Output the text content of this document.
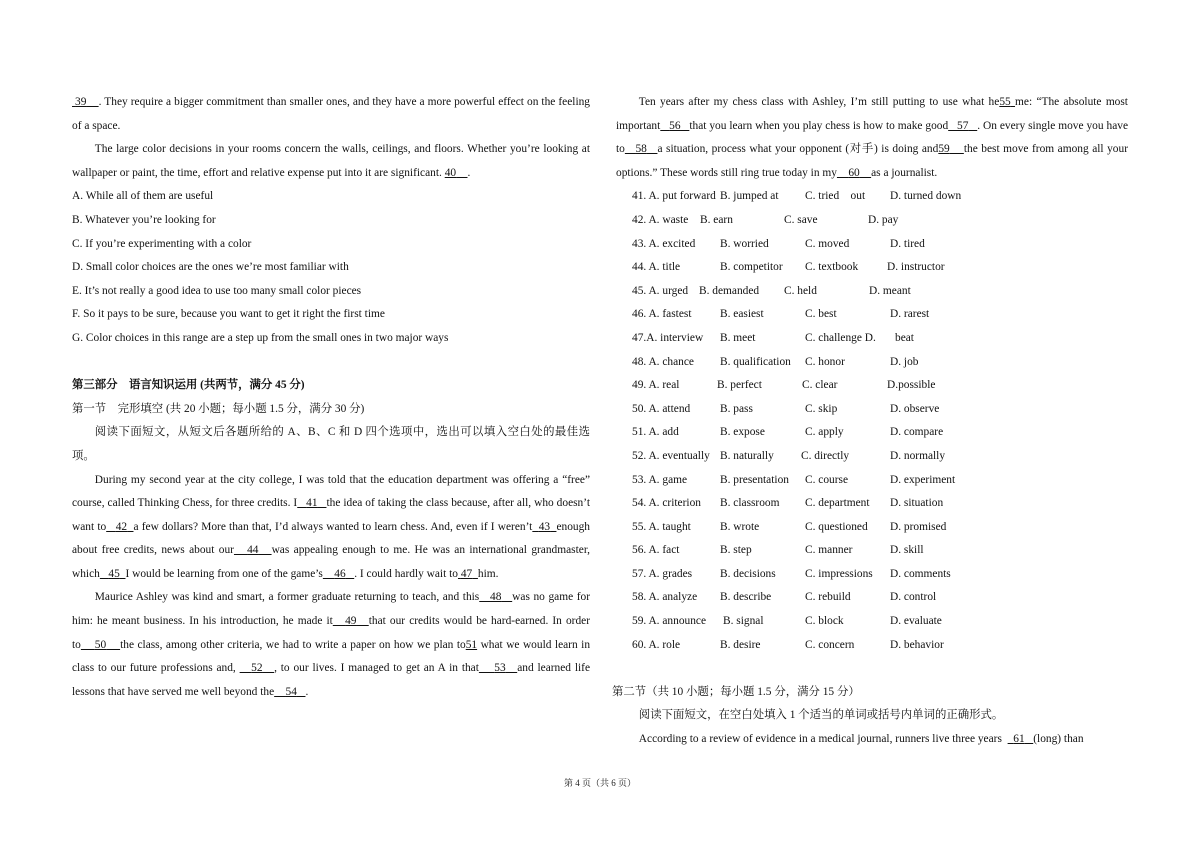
39 . They require a bigger commitment than smaller ones, and they have a more powerful effect on the feeling of a space.

The large color decisions in your rooms concern the walls, ceilings, and floors. Whether you’re looking at wallpaper or paint, the time, effort and relative expense put into it are significant. 40 .

A. While all of them are useful

B. Whatever you’re looking for

C. If you’re experimenting with a color

D. Small color choices are the ones we’re most familiar with

E. It’s not really a good idea to use too many small color pieces

F. So it pays to be sure, because you want to get it right the first time

G. Color choices in this range are a step up from the small ones in two major ways

第三部分　语言知识运用 (共两节，满分 45 分)

第一节　完形填空 (共 20 小题；每小题 1.5 分，满分 30 分)

阅读下面短文，从短文后各题所给的 A、B、C 和 D 四个选项中，选出可以填入空白处的最佳选项。

During my second year at the city college, I was told that the education department was offering a “free” course, called Thinking Chess, for three credits. I 41 the idea of taking the class because, after all, who doesn’t want to 42 a few dollars? More than that, I’d always wanted to learn chess. And, even if I weren’t 43 enough about free credits, news about our 44 was appealing enough to me. He was an international grandmaster, which 45 I would be learning from one of the game’s 46 . I could hardly wait to 47 him.

Maurice Ashley was kind and smart, a former graduate returning to teach, and this 48 was no game for him: he meant business. In his introduction, he made it 49 that our credits would be hard-earned. In order to 50 the class, among other criteria, we had to write a paper on how we plan to51 what we would learn in class to our future professions and, 52 , to our lives. I managed to get an A in that 53 and learned life lessons that have served me well beyond the 54 .

Ten years after my chess class with Ashley, I’m still putting to use what he55 me: “The absolute most important 56 that you learn when you play chess is how to make good 57 . On every single move you have to 58 a situation, process what your opponent (对手) is doing and59 the best move from among all your options.” These words still ring true today in my 60 as a journalist.

41. A. put forward B. jumped at	C. tried　out	D. turned down
42. A. waste	B. earn	C. save	D. pay
43. A. excited	B. worried	C. moved	D. tired
44. A. title	B. competitor	C. textbook	D. instructor
45. A. urged B. demanded	C. held	D. meant
46. A. fastest	B. easiest	C. best	D. rarest
47.A. interview	B. meet	C. challenge D.	beat
48. A. chance	B. qualification	C. honor	D. job
49. A. real	B. perfect	C. clear	D.possible
50. A. attend	B. pass	C. skip	D. observe
51. A. add	B. expose	C. apply	D. compare
52. A. eventually B. naturally	C. directly	D. normally
53. A. game	B. presentation	C. course	D. experiment
54. A. criterion	B. classroom	C. department	D. situation
55. A. taught	B. wrote	C. questioned	D. promised
56. A. fact	B. step	C. manner	D. skill
57. A. grades	B. decisions	C. impressions	D. comments
58. A. analyze	B. describe	C. rebuild	D. control
59. A. announce	B. signal	C. block	D. evaluate
60. A. role	B. desire	C. concern	D. behavior

第二节（共 10 小题；每小题 1.5 分，满分 15 分）

阅读下面短文，在空白处填入 1 个适当的单词或括号内单词的正确形式。

According to a review of evidence in a medical journal, runners live three years 61 (long) than

第 4 页（共 6 页）
